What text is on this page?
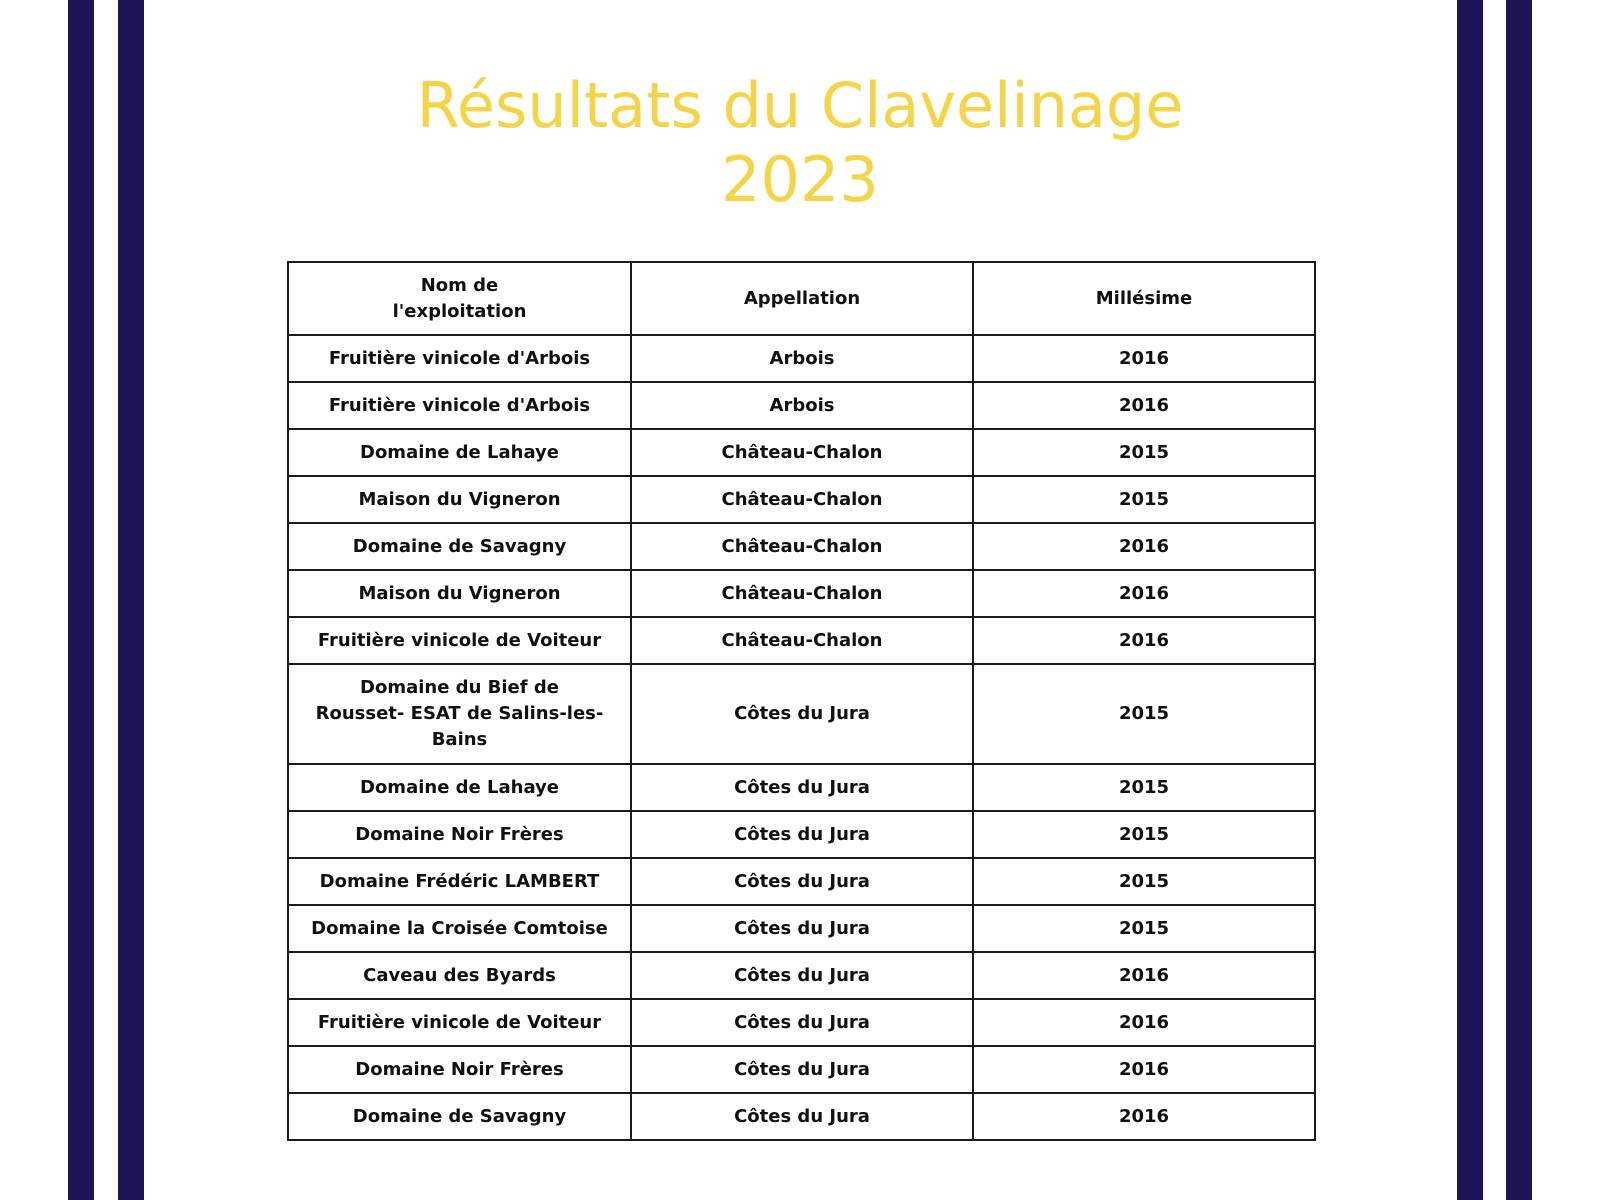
Résultats du Clavelinage
2023
Nom de
l'exploitation	Appellation	Millésime
Fruitière vinicole d'Arbois	Arbois	2016
Fruitière vinicole d'Arbois	Arbois	2016
Domaine de Lahaye	Château-Chalon	2015
Maison du Vigneron	Château-Chalon	2015
Domaine de Savagny	Château-Chalon	2016
Maison du Vigneron	Château-Chalon	2016
Fruitière vinicole de Voiteur	Château-Chalon	2016
Domaine du Bief de
Rousset- ESAT de Salins-les-
Bains	Côtes du Jura	2015
Domaine de Lahaye	Côtes du Jura	2015
Domaine Noir Frères	Côtes du Jura	2015
Domaine Frédéric LAMBERT	Côtes du Jura	2015
Domaine la Croisée Comtoise	Côtes du Jura	2015
Caveau des Byards	Côtes du Jura	2016
Fruitière vinicole de Voiteur	Côtes du Jura	2016
Domaine Noir Frères	Côtes du Jura	2016
Domaine de Savagny	Côtes du Jura	2016
